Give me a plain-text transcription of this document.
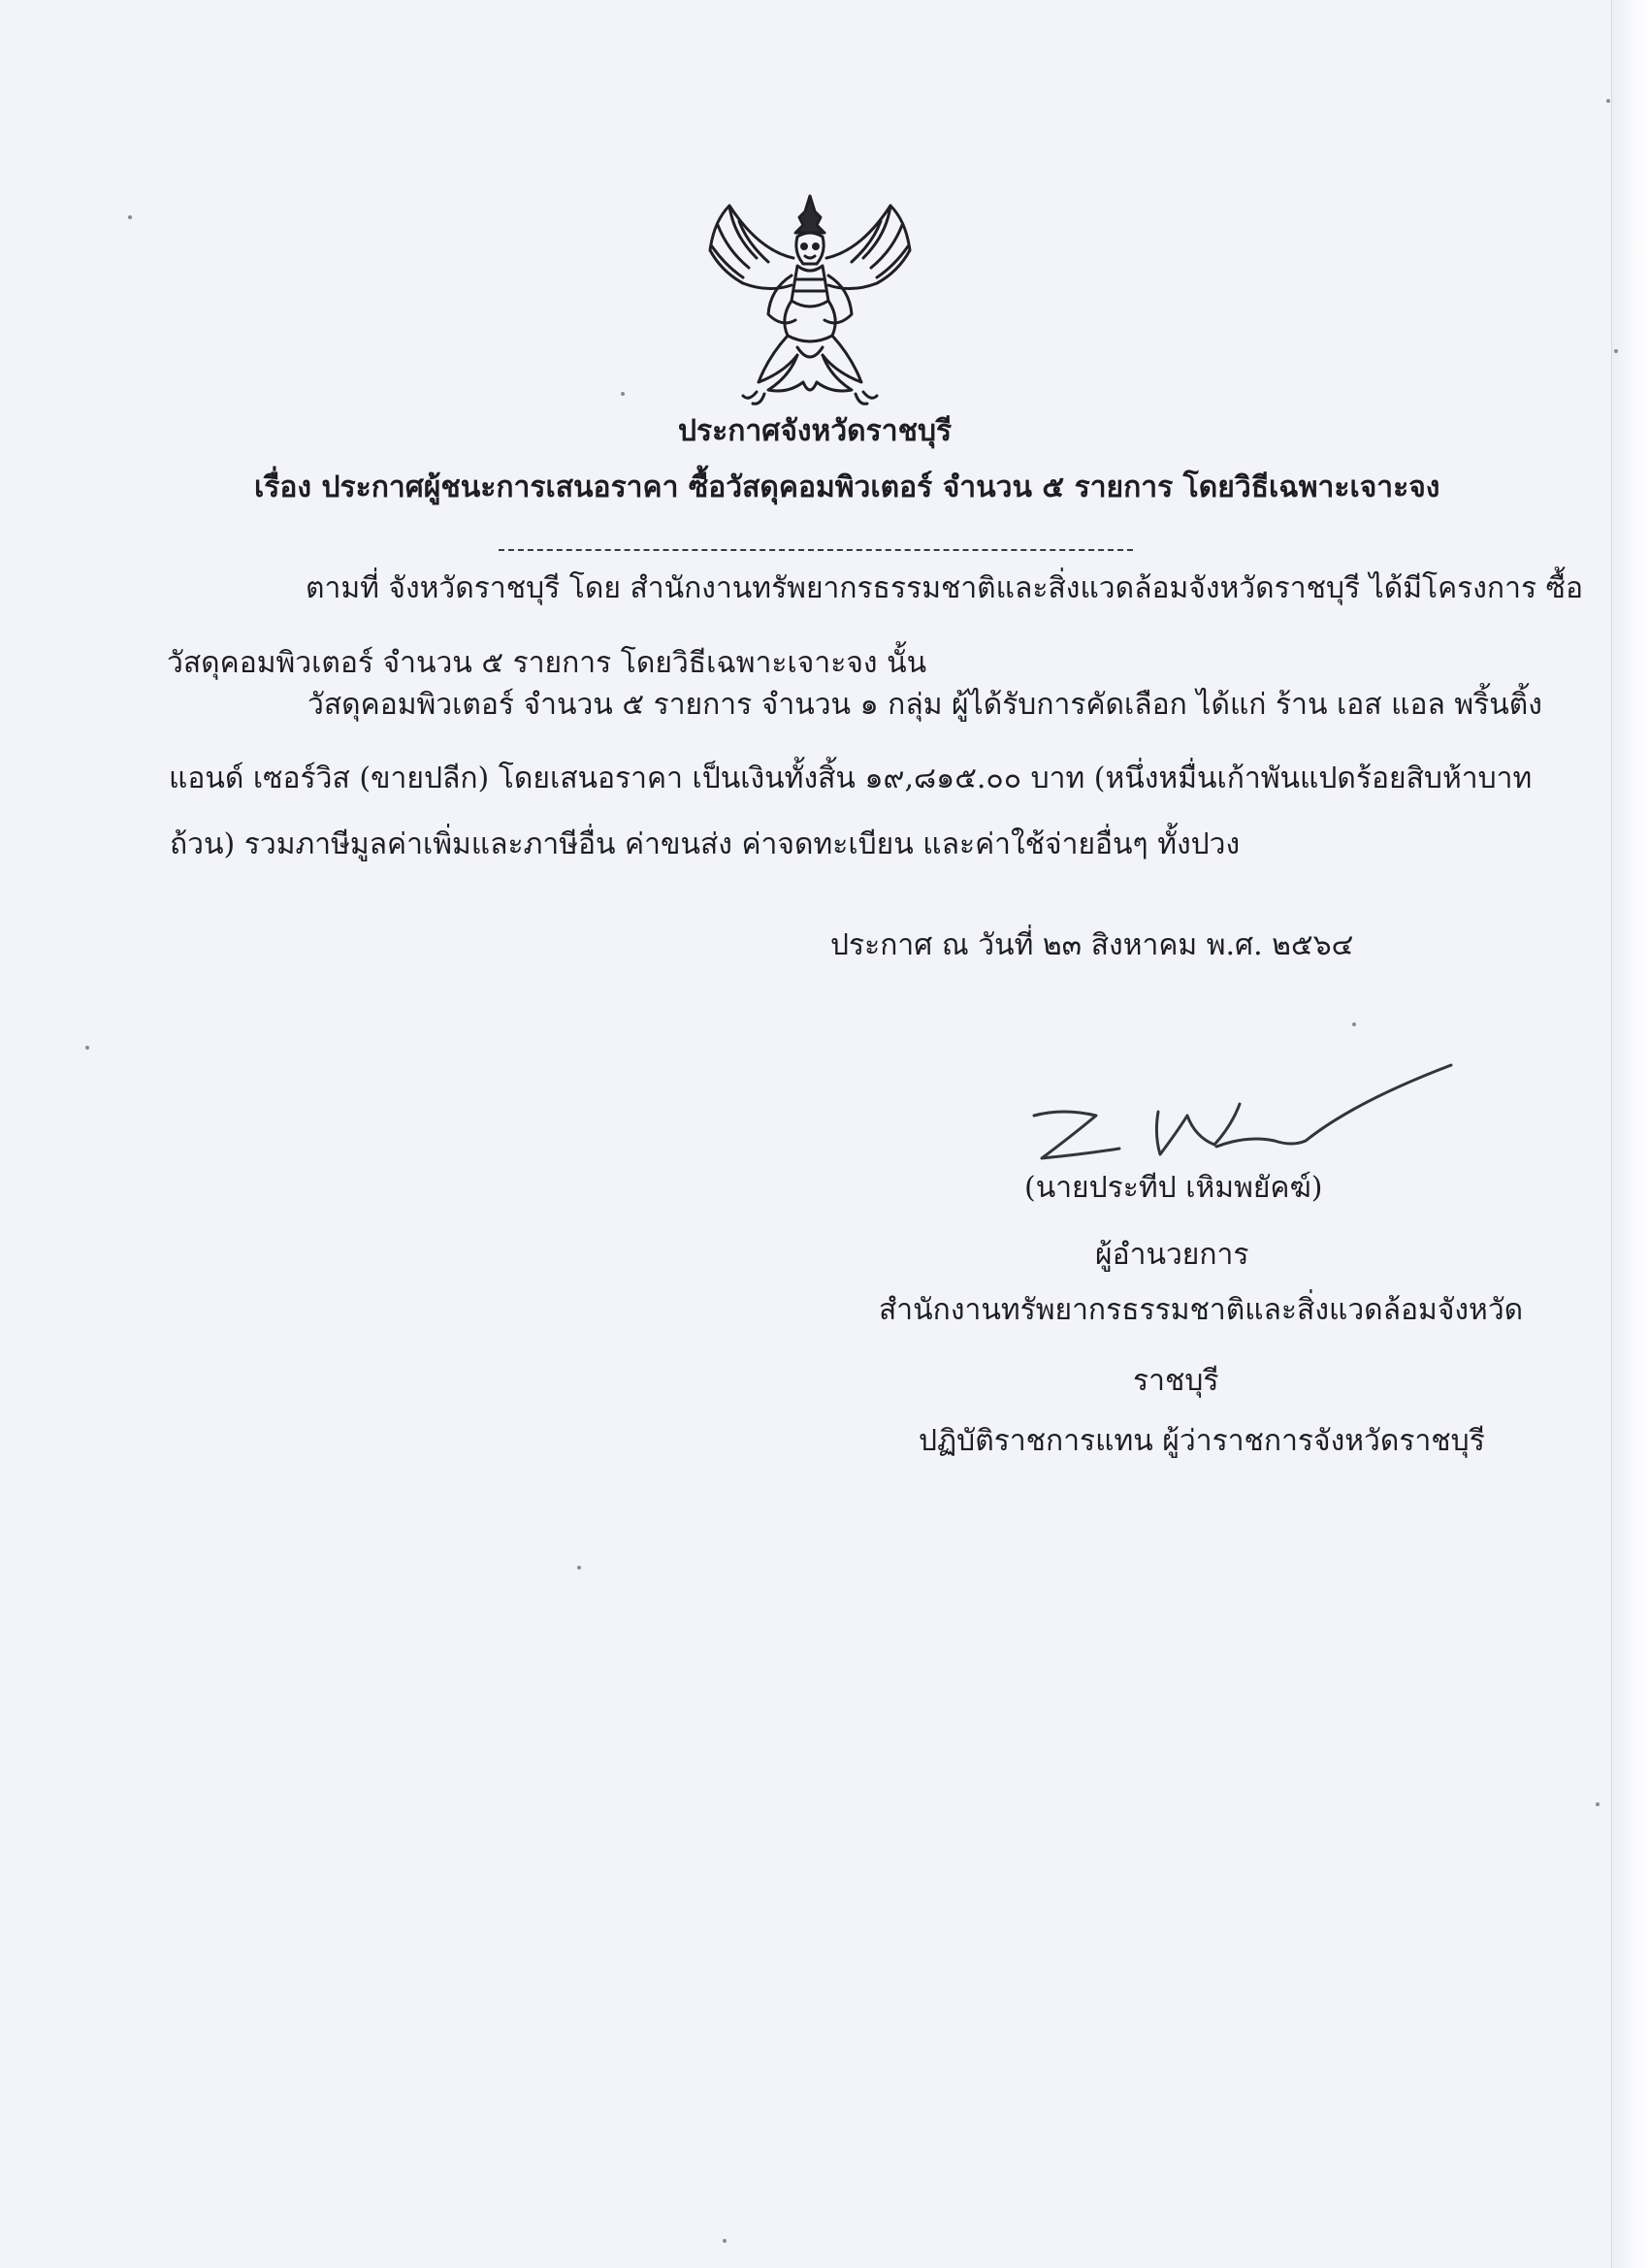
ประกาศจังหวัดราชบุรี
เรื่อง ประกาศผู้ชนะการเสนอราคา ซื้อวัสดุคอมพิวเตอร์ จำนวน ๕ รายการ โดยวิธีเฉพาะเจาะจง
ตามที่ จังหวัดราชบุรี โดย สำนักงานทรัพยากรธรรมชาติและสิ่งแวดล้อมจังหวัดราชบุรี ได้มีโครงการ ซื้อ
วัสดุคอมพิวเตอร์ จำนวน ๕ รายการ โดยวิธีเฉพาะเจาะจง นั้น
วัสดุคอมพิวเตอร์ จำนวน ๕ รายการ จำนวน ๑ กลุ่ม ผู้ได้รับการคัดเลือก ได้แก่ ร้าน เอส แอล พริ้นติ้ง
แอนด์ เซอร์วิส (ขายปลีก) โดยเสนอราคา เป็นเงินทั้งสิ้น ๑๙,๘๑๕.๐๐ บาท (หนึ่งหมื่นเก้าพันแปดร้อยสิบห้าบาท
ถ้วน) รวมภาษีมูลค่าเพิ่มและภาษีอื่น ค่าขนส่ง ค่าจดทะเบียน และค่าใช้จ่ายอื่นๆ ทั้งปวง
ประกาศ ณ วันที่ ๒๓ สิงหาคม พ.ศ. ๒๕๖๔
(นายประทีป เหิมพยัคฆ์)
ผู้อำนวยการ
สำนักงานทรัพยากรธรรมชาติและสิ่งแวดล้อมจังหวัด
ราชบุรี
ปฏิบัติราชการแทน ผู้ว่าราชการจังหวัดราชบุรี
